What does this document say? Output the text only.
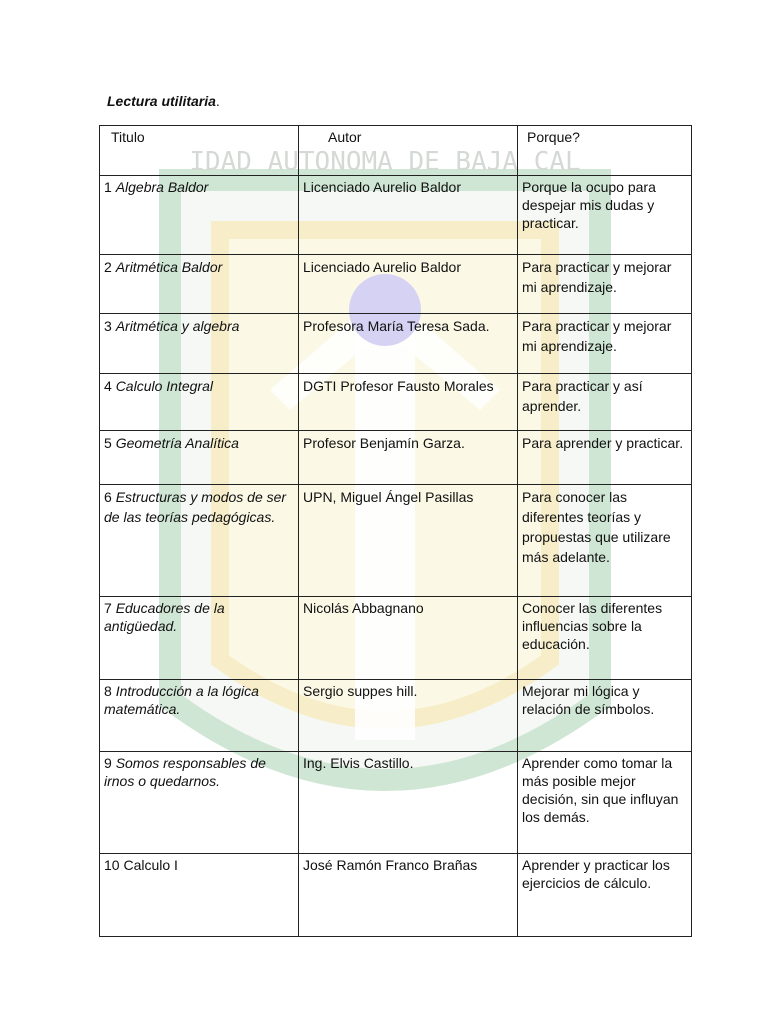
IDAD AUTONOMA DE BAJA CAL
Lectura utilitaria.
Titulo	Autor	Porque?
1 Algebra Baldor	Licenciado Aurelio Baldor	Porque la ocupo para despejar mis dudas y practicar.
2 Aritmética Baldor	Licenciado Aurelio Baldor	Para practicar y mejorar mi aprendizaje.
3 Aritmética y algebra	Profesora María Teresa Sada.	Para practicar y mejorar mi aprendizaje.
4 Calculo Integral	DGTI Profesor Fausto Morales	Para practicar y así aprender.
5 Geometría Analítica	Profesor Benjamín Garza.	Para aprender y practicar.
6 Estructuras y modos de ser de las teorías pedagógicas.	UPN, Miguel Ángel Pasillas	Para conocer las diferentes teorías y propuestas que utilizare más adelante.
7 Educadores de la antigüedad.	Nicolás Abbagnano	Conocer las diferentes influencias sobre la educación.
8 Introducción a la lógica matemática.	Sergio suppes hill.	Mejorar mi lógica y relación de símbolos.
9 Somos responsables de irnos o quedarnos.	Ing. Elvis Castillo.	Aprender como tomar la más posible mejor decisión, sin que influyan los demás.
10 Calculo I	José Ramón Franco Brañas	Aprender y practicar los ejercicios de cálculo.
